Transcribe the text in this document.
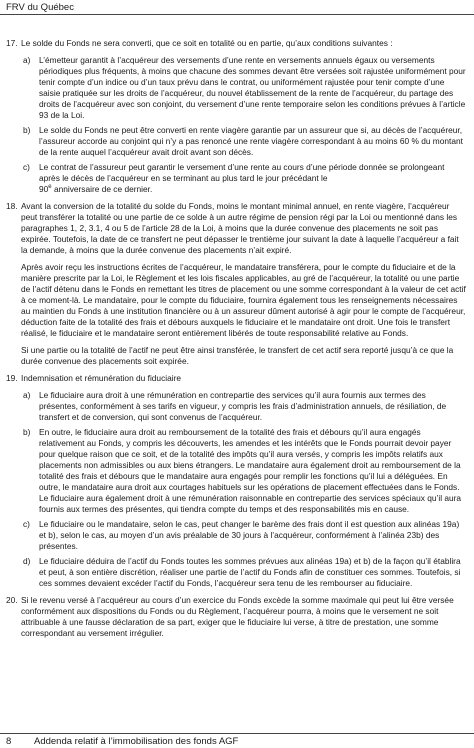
FRV du Québec
17. Le solde du Fonds ne sera converti, que ce soit en totalité ou en partie, qu’aux conditions suivantes :
a) L’émetteur garantit à l’acquéreur des versements d’une rente en versements annuels égaux ou versements périodiques plus fréquents, à moins que chacune des sommes devant être versées soit rajustée uniformément pour tenir compte d’un indice ou d’un taux prévu dans le contrat, ou uniformément rajustée pour tenir compte d’une saisie pratiquée sur les droits de l’acquéreur, du nouvel établissement de la rente de l’acquéreur, du partage des droits de l’acquéreur avec son conjoint, du versement d’une rente temporaire selon les conditions prévues à l’article 93 de la Loi.
b) Le solde du Fonds ne peut être converti en rente viagère garantie par un assureur que si, au décès de l’acquéreur, l’assureur accorde au conjoint qui n’y a pas renoncé une rente viagère correspondant à au moins 60 % du montant de la rente auquel l’acquéreur avait droit avant son décès.
c) Le contrat de l’assureur peut garantir le versement d’une rente au cours d’une période donnée se prolongeant après le décès de l’acquéreur en se terminant au plus tard le jour précédant le
90e anniversaire de ce dernier.
18. Avant la conversion de la totalité du solde du Fonds, moins le montant minimal annuel, en rente viagère, l’acquéreur peut transférer la totalité ou une partie de ce solde à un autre régime de pension régi par la Loi ou mentionné dans les paragraphes 1, 2, 3.1, 4 ou 5 de l’article 28 de la Loi, à moins que la durée convenue des placements ne soit pas expirée. Toutefois, la date de ce transfert ne peut dépasser le trentième jour suivant la date à laquelle l’acquéreur a fait la demande, à moins que la durée convenue des placements n’ait expiré.
Après avoir reçu les instructions écrites de l’acquéreur, le mandataire transférera, pour le compte du fiduciaire et de la manière prescrite par la Loi, le Règlement et les lois fiscales applicables, au gré de l’acquéreur, la totalité ou une partie de l’actif détenu dans le Fonds en remettant les titres de placement ou une somme correspondant à la valeur de cet actif à ce moment-là. Le mandataire, pour le compte du fiduciaire, fournira également tous les renseignements nécessaires au maintien du Fonds à une institution financière ou à un assureur dûment autorisé à agir pour le compte de l’acquéreur, déduction faite de la totalité des frais et débours auxquels le fiduciaire et le mandataire ont droit. Une fois le transfert réalisé, le fiduciaire et le mandataire seront entièrement libérés de toute responsabilité relative au Fonds.
Si une partie ou la totalité de l’actif ne peut être ainsi transférée, le transfert de cet actif sera reporté jusqu’à ce que la durée convenue des placements soit expirée.
19. Indemnisation et rémunération du fiduciaire
a) Le fiduciaire aura droit à une rémunération en contrepartie des services qu’il aura fournis aux termes des présentes, conformément à ses tarifs en vigueur, y compris les frais d’administration annuels, de résiliation, de transfert et de conversion, qui sont convenus de l’acquéreur.
b) En outre, le fiduciaire aura droit au remboursement de la totalité des frais et débours qu’il aura engagés relativement au Fonds, y compris les découverts, les amendes et les intérêts que le Fonds pourrait devoir payer pour quelque raison que ce soit, et de la totalité des impôts qu’il aura versés, y compris les impôts relatifs aux placements non admissibles ou aux biens étrangers. Le mandataire aura également droit au remboursement de la totalité des frais et débours que le mandataire aura engagés pour remplir les fonctions qu’il lui a déléguées. En outre, le mandataire aura droit aux courtages habituels sur les opérations de placement effectuées dans le Fonds. Le fiduciaire aura également droit à une rémunération raisonnable en contrepartie des services spéciaux qu’il aura fournis aux termes des présentes, qui tiendra compte du temps et des responsabilités mis en cause.
c) Le fiduciaire ou le mandataire, selon le cas, peut changer le barème des frais dont il est question aux alinéas 19a) et b), selon le cas, au moyen d’un avis préalable de 30 jours à l’acquéreur, conformément à l’alinéa 23b) des présentes.
d) Le fiduciaire déduira de l’actif du Fonds toutes les sommes prévues aux alinéas 19a) et b) de la façon qu’il établira et peut, à son entière discrétion, réaliser une partie de l’actif du Fonds afin de constituer ces sommes. Toutefois, si ces sommes devaient excéder l’actif du Fonds, l’acquéreur sera tenu de les rembourser au fiduciaire.
20. Si le revenu versé à l’acquéreur au cours d’un exercice du Fonds excède la somme maximale qui peut lui être versée conformément aux dispositions du Fonds ou du Règlement, l’acquéreur pourra, à moins que le versement ne soit attribuable à une fausse déclaration de sa part, exiger que le fiduciaire lui verse, à titre de prestation, une somme correspondant au versement irrégulier.
8 Addenda relatif à l’immobilisation des fonds AGF
